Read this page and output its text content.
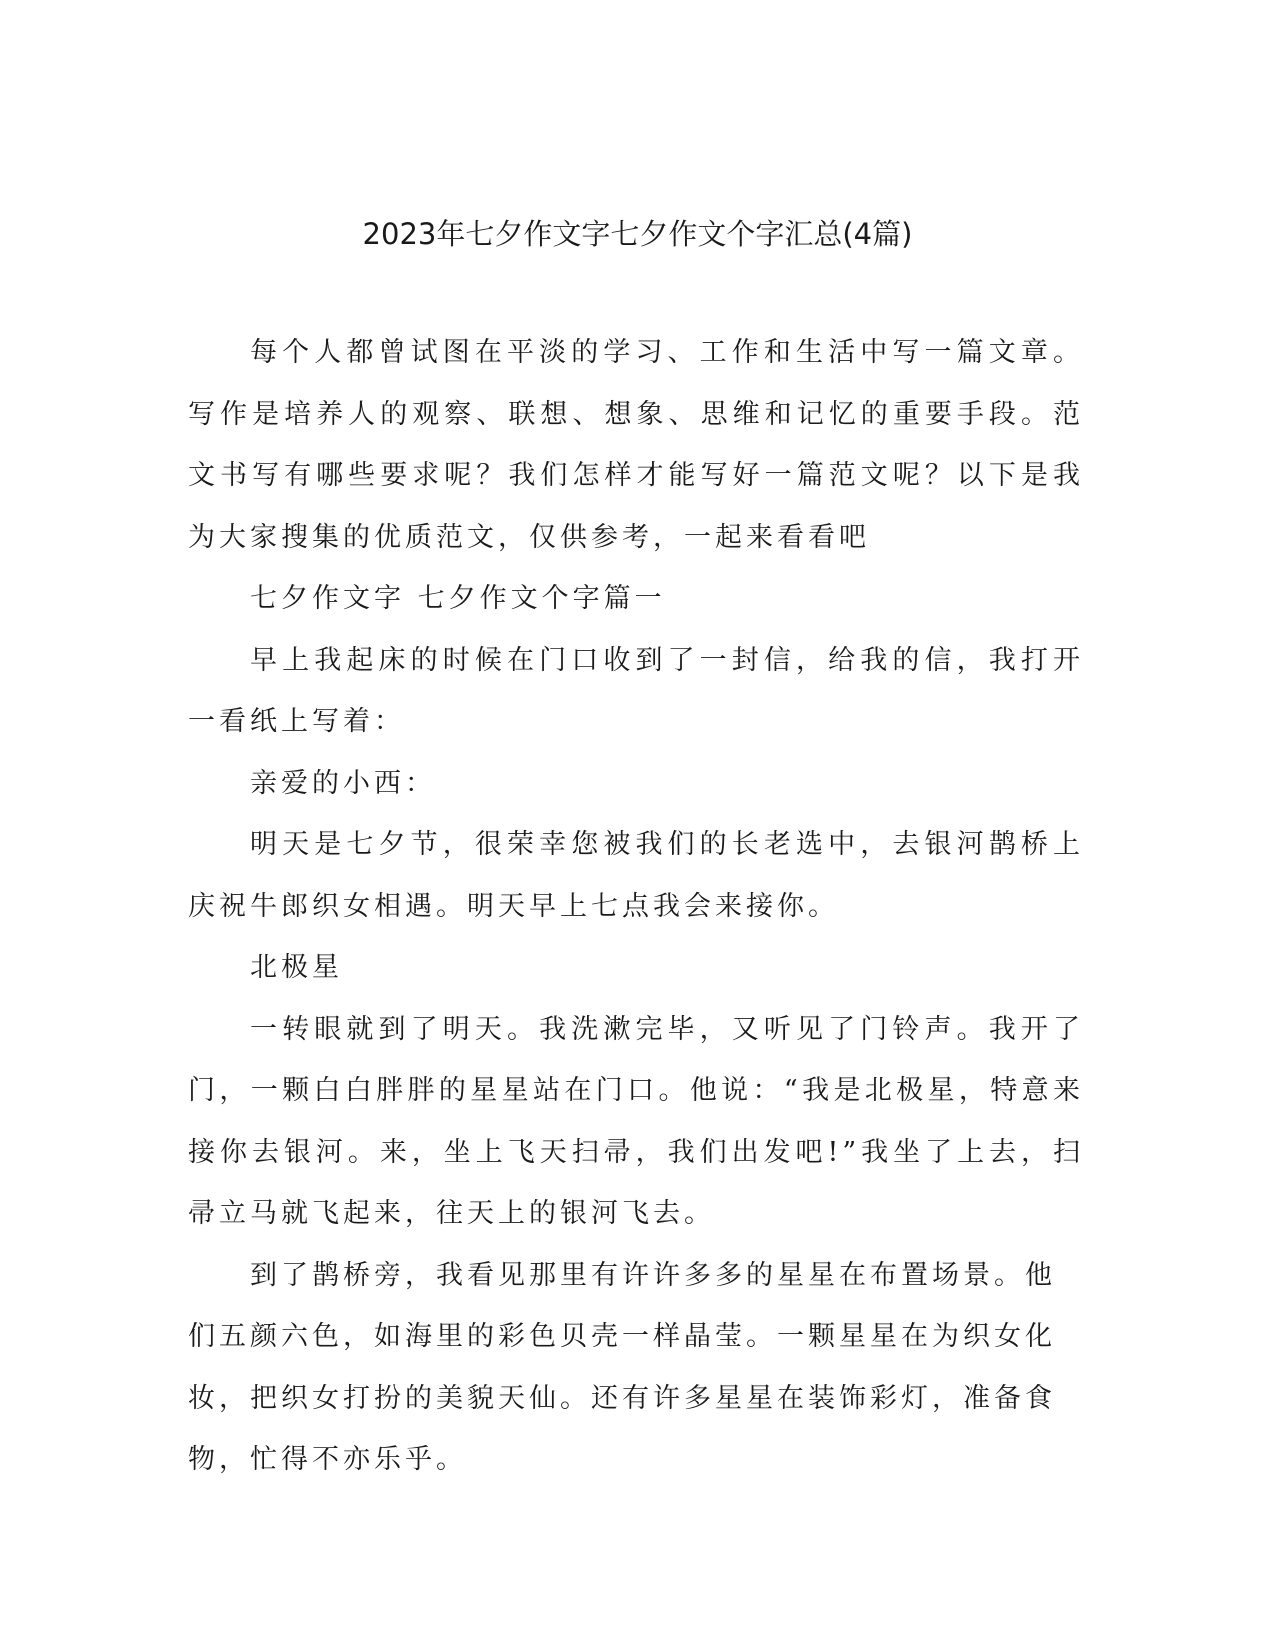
2023年七夕作文字七夕作文个字汇总(4篇)

每个人都曾试图在平淡的学习、工作和生活中写一篇文章。写作是培养人的观察、联想、想象、思维和记忆的重要手段。范文书写有哪些要求呢？我们怎样才能写好一篇范文呢？以下是我为大家搜集的优质范文，仅供参考，一起来看看吧

七夕作文字 七夕作文个字篇一

早上我起床的时候在门口收到了一封信，给我的信，我打开一看纸上写着：

亲爱的小西：

明天是七夕节，很荣幸您被我们的长老选中，去银河鹊桥上庆祝牛郎织女相遇。明天早上七点我会来接你。

北极星

一转眼就到了明天。我洗漱完毕，又听见了门铃声。我开了门，一颗白白胖胖的星星站在门口。他说：“我是北极星，特意来接你去银河。来，坐上飞天扫帚，我们出发吧!”我坐了上去，扫帚立马就飞起来，往天上的银河飞去。

到了鹊桥旁，我看见那里有许许多多的星星在布置场景。他们五颜六色，如海里的彩色贝壳一样晶莹。一颗星星在为织女化妆，把织女打扮的美貌天仙。还有许多星星在装饰彩灯，准备食物，忙得不亦乐乎。
